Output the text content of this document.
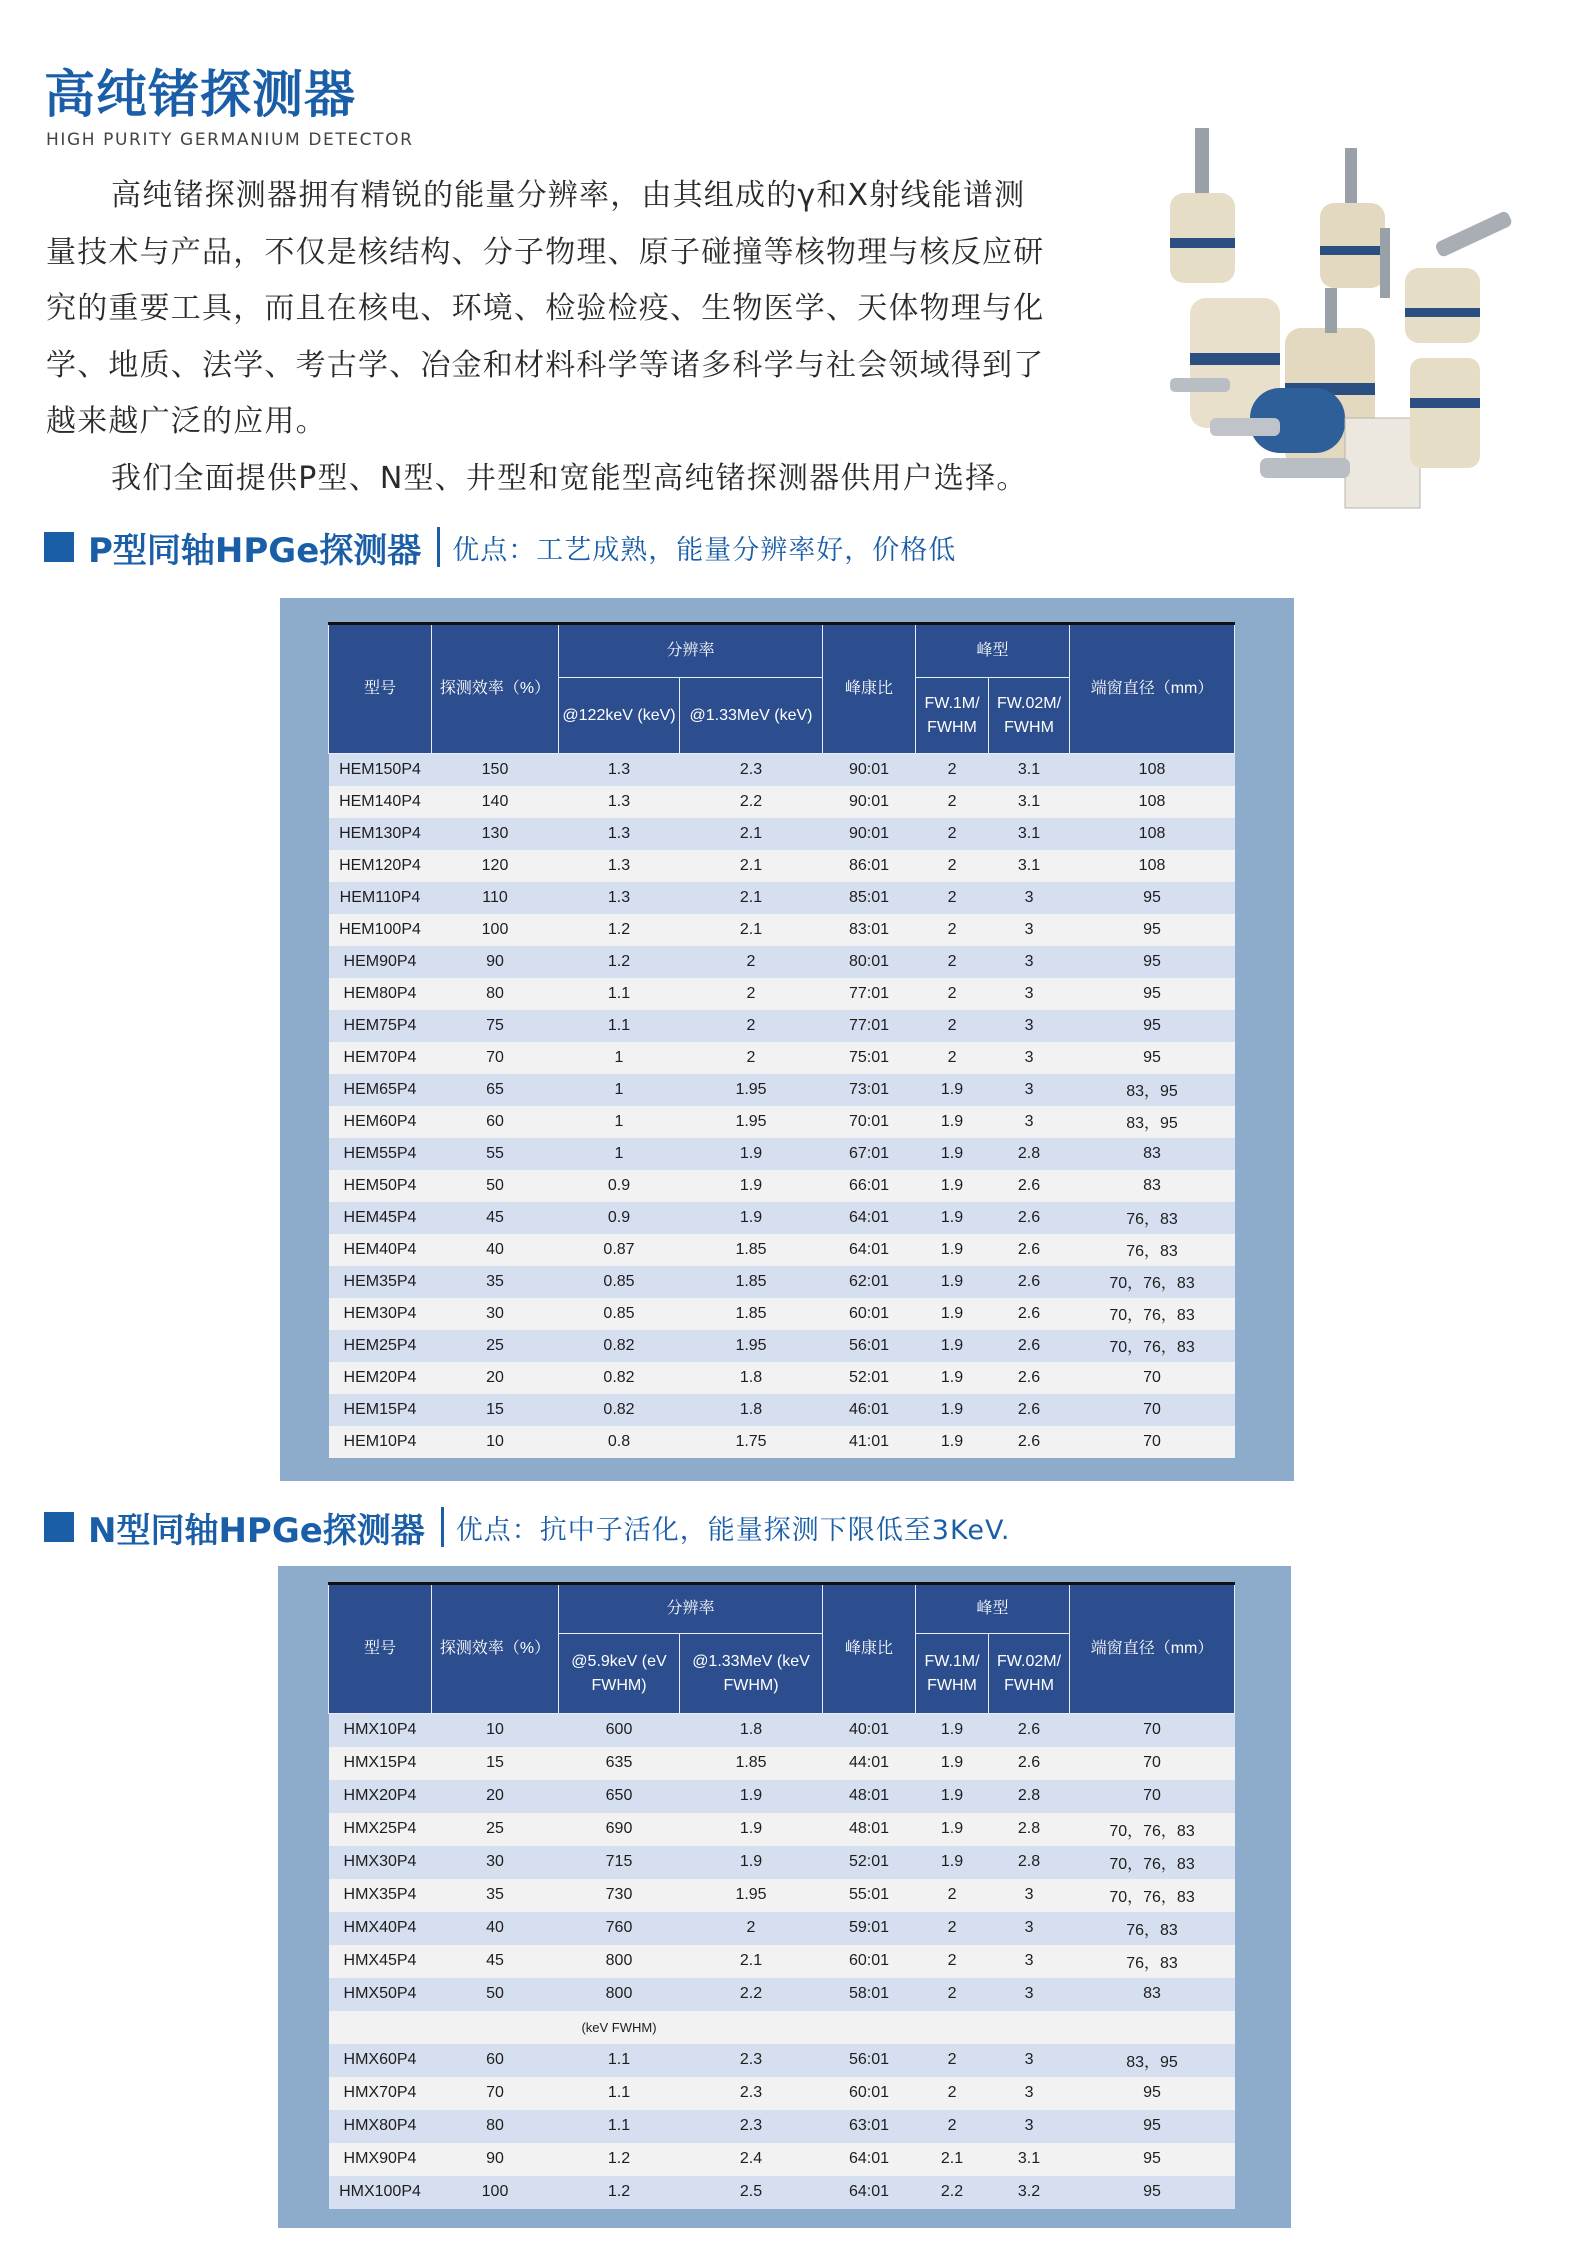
高纯锗探测器
HIGH PURITY GERMANIUM DETECTOR
高纯锗探测器拥有精锐的能量分辨率，由其组成的γ和X射线能谱测
量技术与产品，不仅是核结构、分子物理、原子碰撞等核物理与核反应研
究的重要工具，而且在核电、环境、检验检疫、生物医学、天体物理与化
学、地质、法学、考古学、冶金和材料科学等诸多科学与社会领域得到了
越来越广泛的应用。
我们全面提供P型、N型、井型和宽能型高纯锗探测器供用户选择。
P型同轴HPGe探测器 优点：工艺成熟，能量分辨率好，价格低
型号	探测效率（%）	分辨率		峰康比	峰型		端窗直径（mm）
		@122keV (keV)	@1.33MeV (keV)		FW.1M/ FWHM	FW.02M/ FWHM	
HEM150P4	150	1.3	2.3	90:01	2	3.1	108
HEM140P4	140	1.3	2.2	90:01	2	3.1	108
HEM130P4	130	1.3	2.1	90:01	2	3.1	108
HEM120P4	120	1.3	2.1	86:01	2	3.1	108
HEM110P4	110	1.3	2.1	85:01	2	3	95
HEM100P4	100	1.2	2.1	83:01	2	3	95
HEM90P4	90	1.2	2	80:01	2	3	95
HEM80P4	80	1.1	2	77:01	2	3	95
HEM75P4	75	1.1	2	77:01	2	3	95
HEM70P4	70	1	2	75:01	2	3	95
HEM65P4	65	1	1.95	73:01	1.9	3	83，95
HEM60P4	60	1	1.95	70:01	1.9	3	83，95
HEM55P4	55	1	1.9	67:01	1.9	2.8	83
HEM50P4	50	0.9	1.9	66:01	1.9	2.6	83
HEM45P4	45	0.9	1.9	64:01	1.9	2.6	76，83
HEM40P4	40	0.87	1.85	64:01	1.9	2.6	76，83
HEM35P4	35	0.85	1.85	62:01	1.9	2.6	70，76，83
HEM30P4	30	0.85	1.85	60:01	1.9	2.6	70，76，83
HEM25P4	25	0.82	1.95	56:01	1.9	2.6	70，76，83
HEM20P4	20	0.82	1.8	52:01	1.9	2.6	70
HEM15P4	15	0.82	1.8	46:01	1.9	2.6	70
HEM10P4	10	0.8	1.75	41:01	1.9	2.6	70
N型同轴HPGe探测器 优点：抗中子活化，能量探测下限低至3KeV.
型号	探测效率（%）	分辨率		峰康比	峰型		端窗直径（mm）
		@5.9keV (eV FWHM)	@1.33MeV (keV FWHM)		FW.1M/ FWHM	FW.02M/ FWHM	
HMX10P4	10	600	1.8	40:01	1.9	2.6	70
HMX15P4	15	635	1.85	44:01	1.9	2.6	70
HMX20P4	20	650	1.9	48:01	1.9	2.8	70
HMX25P4	25	690	1.9	48:01	1.9	2.8	70，76，83
HMX30P4	30	715	1.9	52:01	1.9	2.8	70，76，83
HMX35P4	35	730	1.95	55:01	2	3	70，76，83
HMX40P4	40	760	2	59:01	2	3	76，83
HMX45P4	45	800	2.1	60:01	2	3	76，83
HMX50P4	50	800	2.2	58:01	2	3	83
		(keV FWHM)					
HMX60P4	60	1.1	2.3	56:01	2	3	83，95
HMX70P4	70	1.1	2.3	60:01	2	3	95
HMX80P4	80	1.1	2.3	63:01	2	3	95
HMX90P4	90	1.2	2.4	64:01	2.1	3.1	95
HMX100P4	100	1.2	2.5	64:01	2.2	3.2	95
